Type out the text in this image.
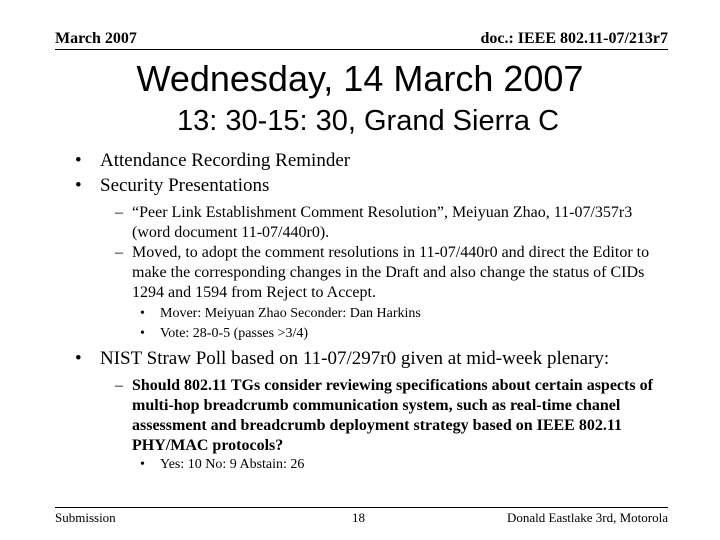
March 2007	doc.: IEEE 802.11-07/213r7
Wednesday, 14 March 2007
13: 30-15: 30, Grand Sierra C
• Attendance Recording Reminder
• Security Presentations
– “Peer Link Establishment Comment Resolution”, Meiyuan Zhao, 11-07/357r3 (word document 11-07/440r0).
– Moved, to adopt the comment resolutions in 11-07/440r0 and direct the Editor to make the corresponding changes in the Draft and also change the status of CIDs 1294 and 1594 from Reject to Accept.
• Mover: Meiyuan Zhao Seconder: Dan Harkins
• Vote: 28-0-5 (passes >3/4)
• NIST Straw Poll based on 11-07/297r0 given at mid-week plenary:
– Should 802.11 TGs consider reviewing specifications about certain aspects of multi-hop breadcrumb communication system, such as real-time chanel assessment and breadcrumb deployment strategy based on IEEE 802.11 PHY/MAC protocols?
• Yes: 10 No: 9 Abstain: 26
Submission	18	Donald Eastlake 3rd, Motorola
